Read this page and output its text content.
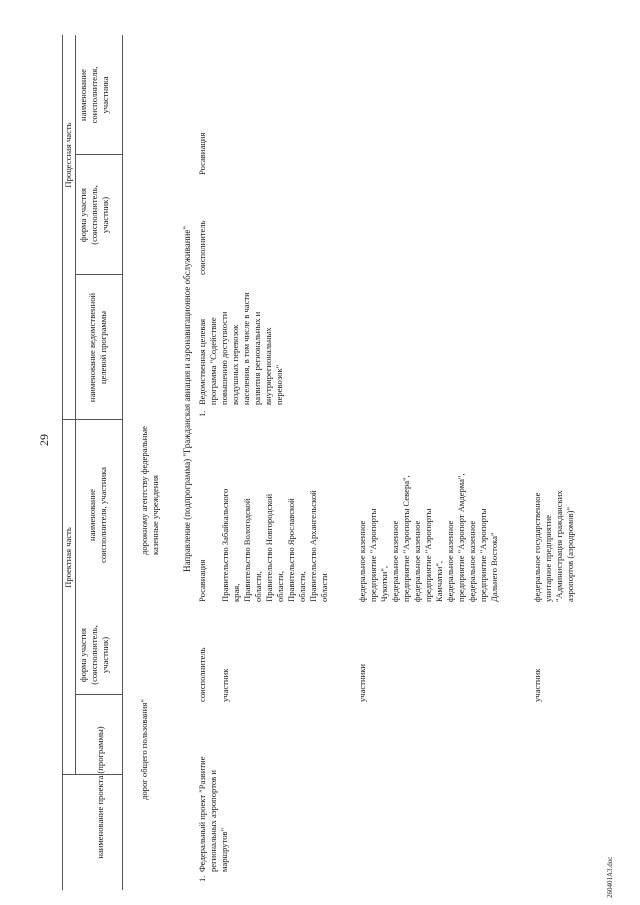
29
260401A3.doc
Проектная часть
Процессная часть
наименование проекта (программы)
форма участия (соисполнитель, участник)
наименование соисполнителя, участника
наименование ведомственной целевой программы
форма участия (соисполнитель, участник)
наименование соисполнителя, участника
дорог общего пользования"
дорожному агентству федеральные казенные учреждения Направление (подпрограмма) "Гражданская авиация и аэронавигационное обслуживание"
1.
Федеральный проект "Развитие региональных аэропортов и маршрутов"
соисполнитель
Росавиация
участник
Правительство Забайкальского края, Правительство Вологодской области, Правительство Новгородской области, Правительство Ярославской области, Правительство Архангельской области
участники
федеральное казенное предприятие "Аэропорты Чукотки", федеральное казенное предприятие "Аэропорты Севера", федеральное казенное предприятие "Аэропорты Камчатки", федеральное казенное предприятие "Аэропорт Амдерма", федеральное казенное предприятие "Аэропорты Дальнего Востока"
участник
федеральное государственное унитарное предприятие "Администрация гражданских аэропортов (аэродромов)"
1.
Ведомственная целевая программа "Содействие повышению доступности воздушных перевозок населения, в том числе в части развития региональных и внутрирегиональных перевозок"
соисполнитель
Росавиация
